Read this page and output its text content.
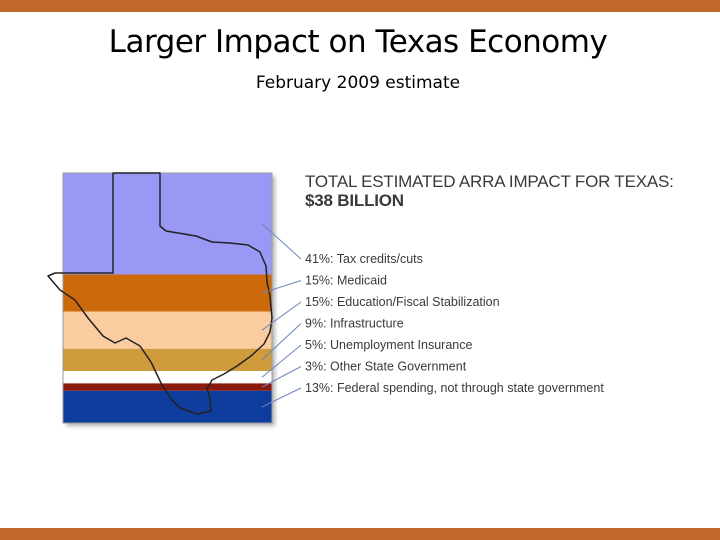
Larger Impact on Texas Economy
February 2009 estimate
TOTAL ESTIMATED ARRA IMPACT FOR TEXAS:
$38 BILLION
41%: Tax credits/cuts
15%: Medicaid
15%: Education/Fiscal Stabilization
9%: Infrastructure
5%: Unemployment Insurance
3%: Other State Government
13%: Federal spending, not through state government
